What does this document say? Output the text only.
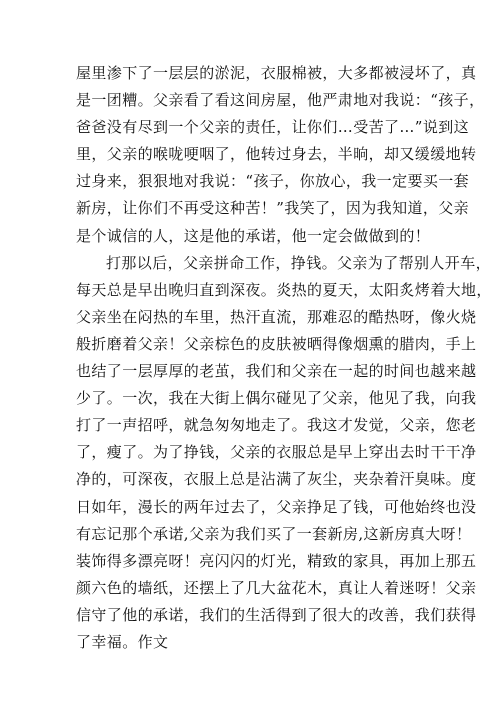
屋里渗下了一层层的淤泥，衣服棉被，大多都被浸坏了，真
是一团糟。父亲看了看这间房屋，他严肃地对我说：“孩子，
爸爸没有尽到一个父亲的责任，让你们…受苦了…”说到这
里，父亲的喉咙哽咽了，他转过身去，半晌，却又缓缓地转
过身来，狠狠地对我说：“孩子，你放心，我一定要买一套
新房，让你们不再受这种苦！”我笑了，因为我知道，父亲
是个诚信的人，这是他的承诺，他一定会做做到的！
打那以后，父亲拼命工作，挣钱。父亲为了帮别人开车，
每天总是早出晚归直到深夜。炎热的夏天，太阳炙烤着大地，
父亲坐在闷热的车里，热汗直流，那难忍的酷热呀，像火烧
般折磨着父亲！父亲棕色的皮肤被晒得像烟熏的腊肉，手上
也结了一层厚厚的老茧，我们和父亲在一起的时间也越来越
少了。一次，我在大街上偶尔碰见了父亲，他见了我，向我
打了一声招呼，就急匆匆地走了。我这才发觉，父亲，您老
了，瘦了。为了挣钱，父亲的衣服总是早上穿出去时干干净
净的，可深夜，衣服上总是沾满了灰尘，夹杂着汗臭味。度
日如年，漫长的两年过去了，父亲挣足了钱，可他始终也没
有忘记那个承诺,父亲为我们买了一套新房,这新房真大呀！
装饰得多漂亮呀！亮闪闪的灯光，精致的家具，再加上那五
颜六色的墙纸，还摆上了几大盆花木，真让人着迷呀！父亲
信守了他的承诺，我们的生活得到了很大的改善，我们获得
了幸福。作文
